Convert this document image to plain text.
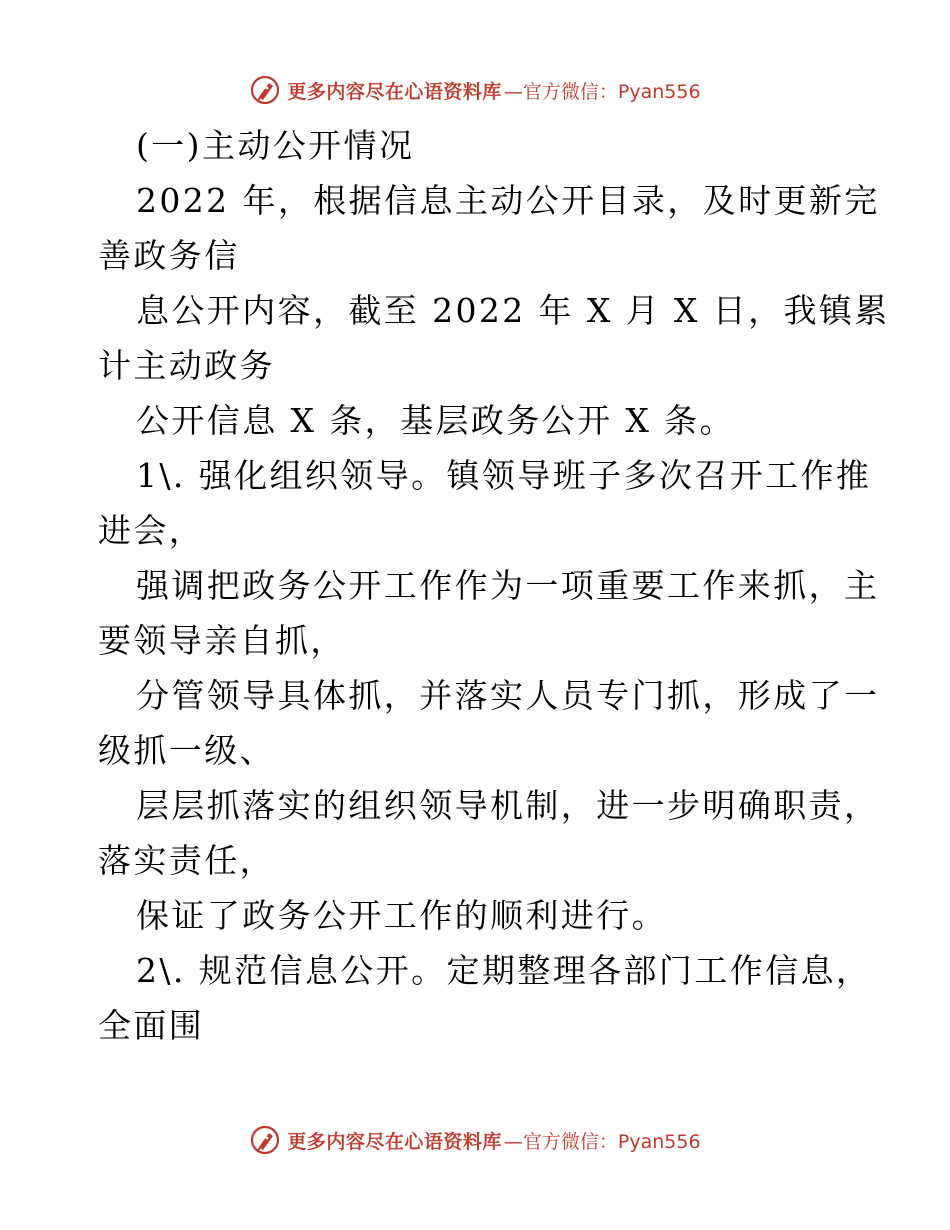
更多内容尽在心语资料库 —官方微信：Pyan556
(一)主动公开情况
2022 年，根据信息主动公开目录，及时更新完
善政务信
息公开内容，截至 2022 年 X 月 X 日，我镇累
计主动政务
公开信息 X 条，基层政务公开 X 条。
1\. 强化组织领导。镇领导班子多次召开工作推
进会，
强调把政务公开工作作为一项重要工作来抓，主
要领导亲自抓，
分管领导具体抓，并落实人员专门抓，形成了一
级抓一级、
层层抓落实的组织领导机制，进一步明确职责，
落实责任，
保证了政务公开工作的顺利进行。
2\. 规范信息公开。定期整理各部门工作信息，
全面围
更多内容尽在心语资料库 —官方微信：Pyan556
